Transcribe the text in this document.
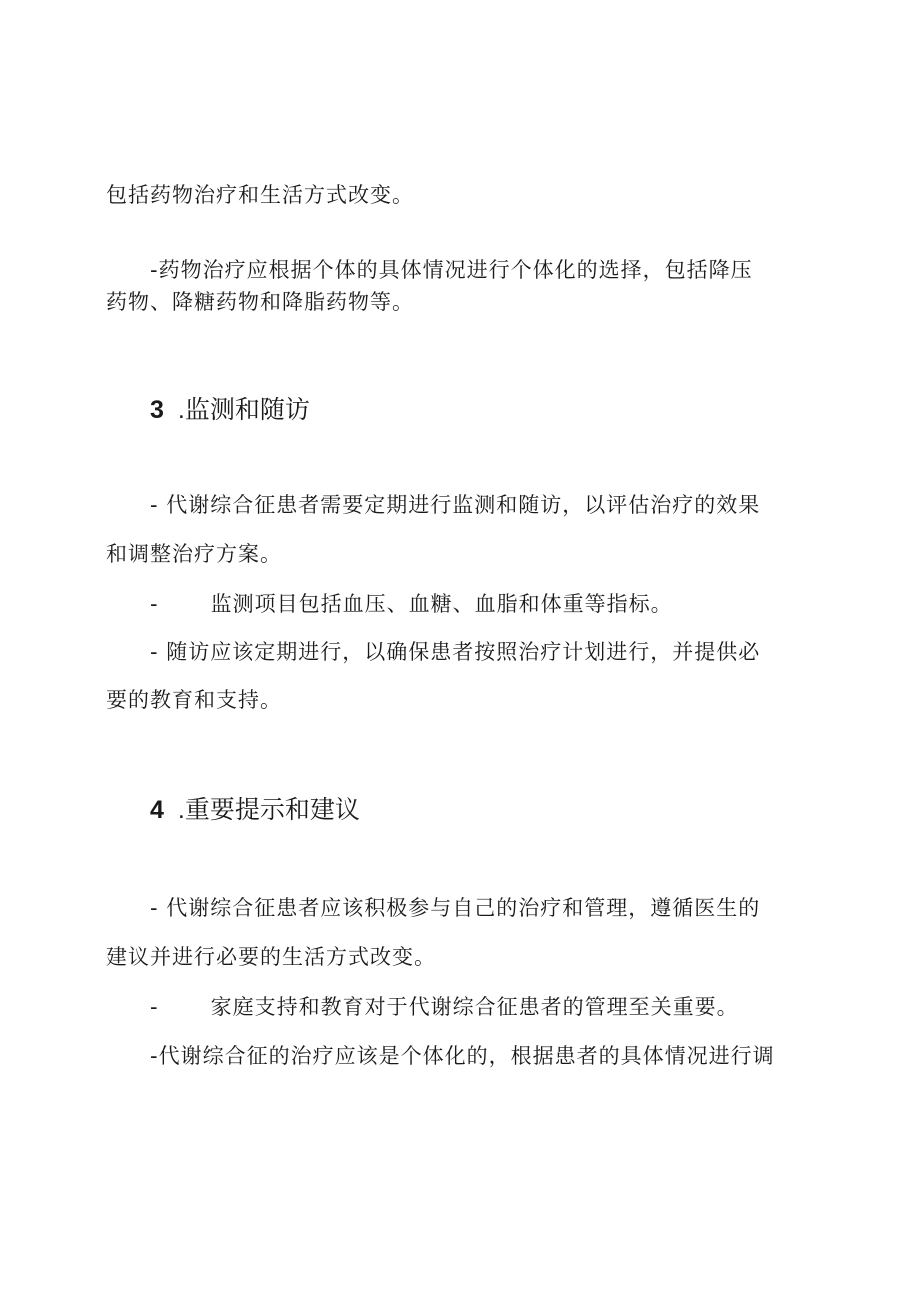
包括药物治疗和生活方式改变。
-药物治疗应根据个体的具体情况进行个体化的选择，包括降压
药物、降糖药物和降脂药物等。
3 .监测和随访
- 代谢综合征患者需要定期进行监测和随访，以评估治疗的效果
和调整治疗方案。
- 监测项目包括血压、血糖、血脂和体重等指标。
- 随访应该定期进行，以确保患者按照治疗计划进行，并提供必
要的教育和支持。
4 .重要提示和建议
- 代谢综合征患者应该积极参与自己的治疗和管理，遵循医生的
建议并进行必要的生活方式改变。
- 家庭支持和教育对于代谢综合征患者的管理至关重要。
-代谢综合征的治疗应该是个体化的，根据患者的具体情况进行调
